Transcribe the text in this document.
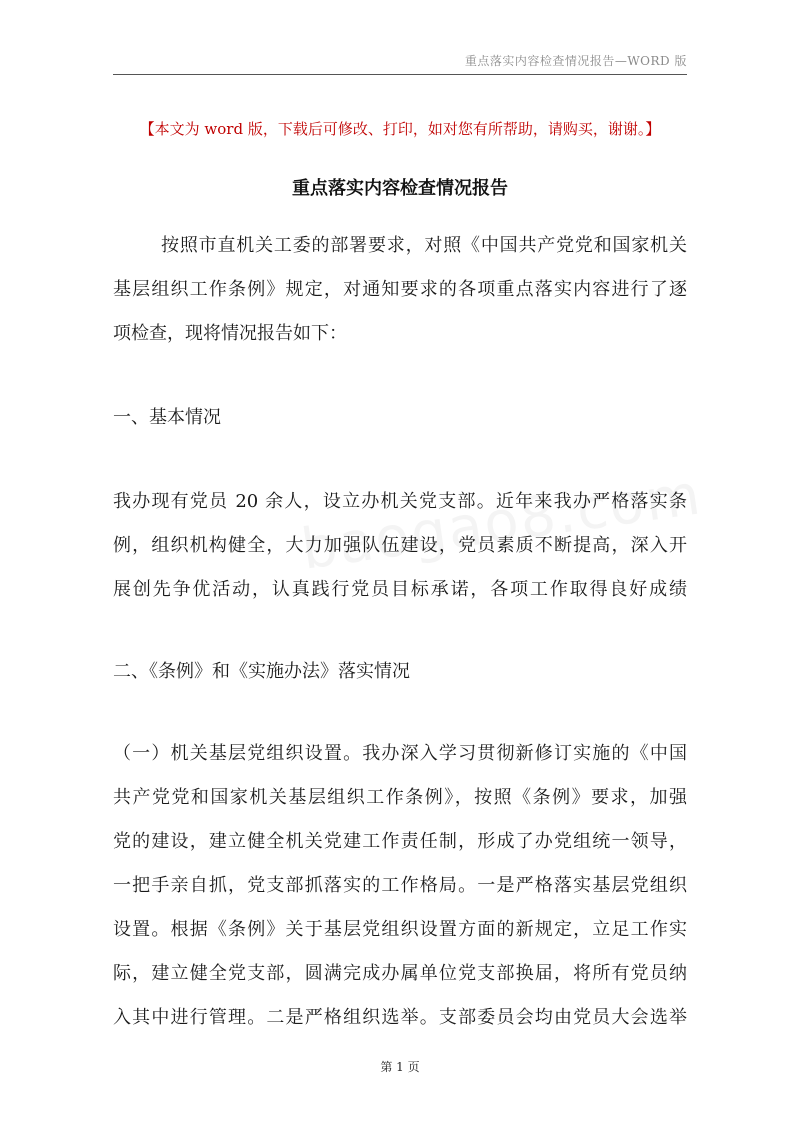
重点落实内容检查情况报告—WORD 版
【本文为 word 版，下载后可修改、打印，如对您有所帮助，请购买，谢谢。】
重点落实内容检查情况报告
按照市直机关工委的部署要求，对照《中国共产党党和国家机关
基层组织工作条例》规定，对通知要求的各项重点落实内容进行了逐
项检查，现将情况报告如下：
一、基本情况
我办现有党员 20 余人，设立办机关党支部。近年来我办严格落实条
例，组织机构健全，大力加强队伍建设，党员素质不断提高，深入开
展创先争优活动，认真践行党员目标承诺，各项工作取得良好成绩
二、《条例》和《实施办法》落实情况
（一）机关基层党组织设置。我办深入学习贯彻新修订实施的《中国
共产党党和国家机关基层组织工作条例》，按照《条例》要求，加强
党的建设，建立健全机关党建工作责任制，形成了办党组统一领导，
一把手亲自抓，党支部抓落实的工作格局。一是严格落实基层党组织
设置。根据《条例》关于基层党组织设置方面的新规定，立足工作实
际，建立健全党支部，圆满完成办属单位党支部换届，将所有党员纳
入其中进行管理。二是严格组织选举。支部委员会均由党员大会选举
第 1 页
